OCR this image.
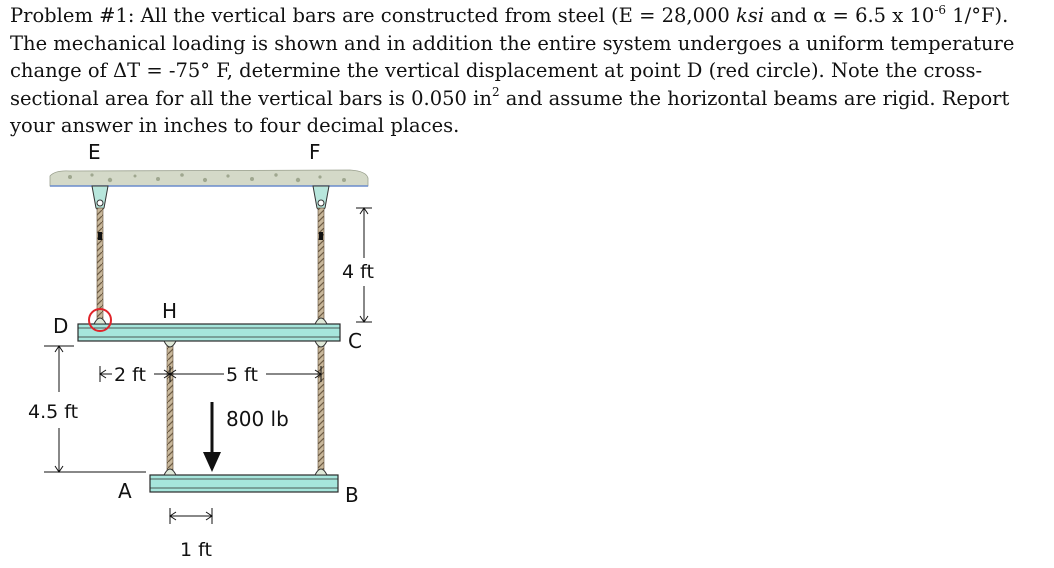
Problem #1: All the vertical bars are constructed from steel (E = 28,000 ksi and α = 6.5 x $10^{-6}$ 1/°F). The mechanical loading is shown and in addition the entire system undergoes a uniform temperature change of ΔT = -75° F, determine the vertical displacement at point D (red circle). Note the cross-sectional area for all the vertical bars is 0.050 $in^2$ and assume the horizontal beams are rigid. Report your answer in inches to four decimal places.

E	F
D
H
C
A	B
4 ft
4.5 ft
2 ft	5 ft
1 ft
800 lb
